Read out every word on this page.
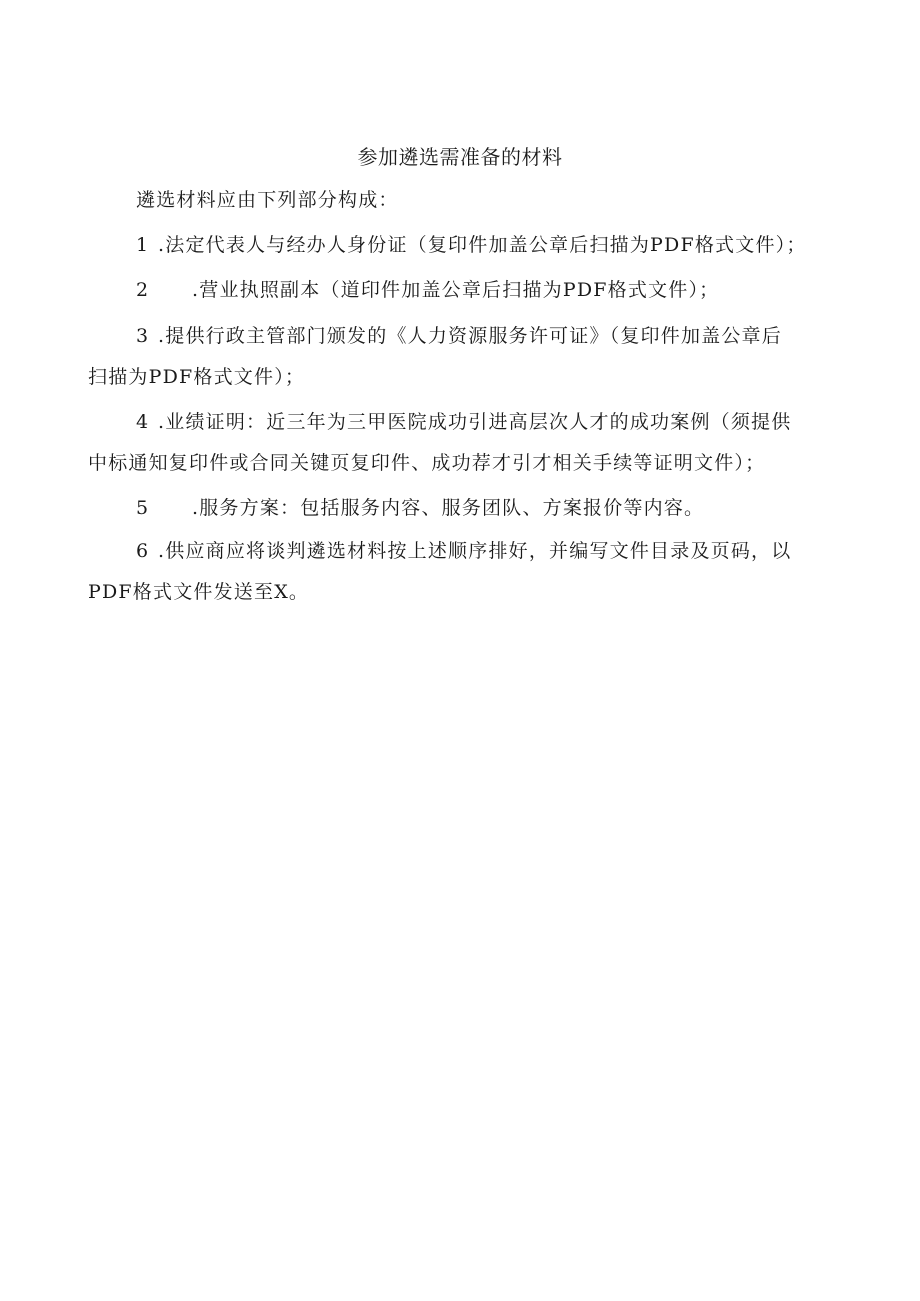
参加遴选需准备的材料
遴选材料应由下列部分构成：
1 .法定代表人与经办人身份证（复印件加盖公章后扫描为PDF格式文件）；
2 .营业执照副本（道印件加盖公章后扫描为PDF格式文件）；
3 .提供行政主管部门颁发的《人力资源服务许可证》（复印件加盖公章后
扫描为PDF格式文件）；
4 .业绩证明：近三年为三甲医院成功引进高层次人才的成功案例（须提供
中标通知复印件或合同关键页复印件、成功荐才引才相关手续等证明文件）；
5 .服务方案：包括服务内容、服务团队、方案报价等内容。
6 .供应商应将谈判遴选材料按上述顺序排好，并编写文件目录及页码，以
PDF格式文件发送至X。
